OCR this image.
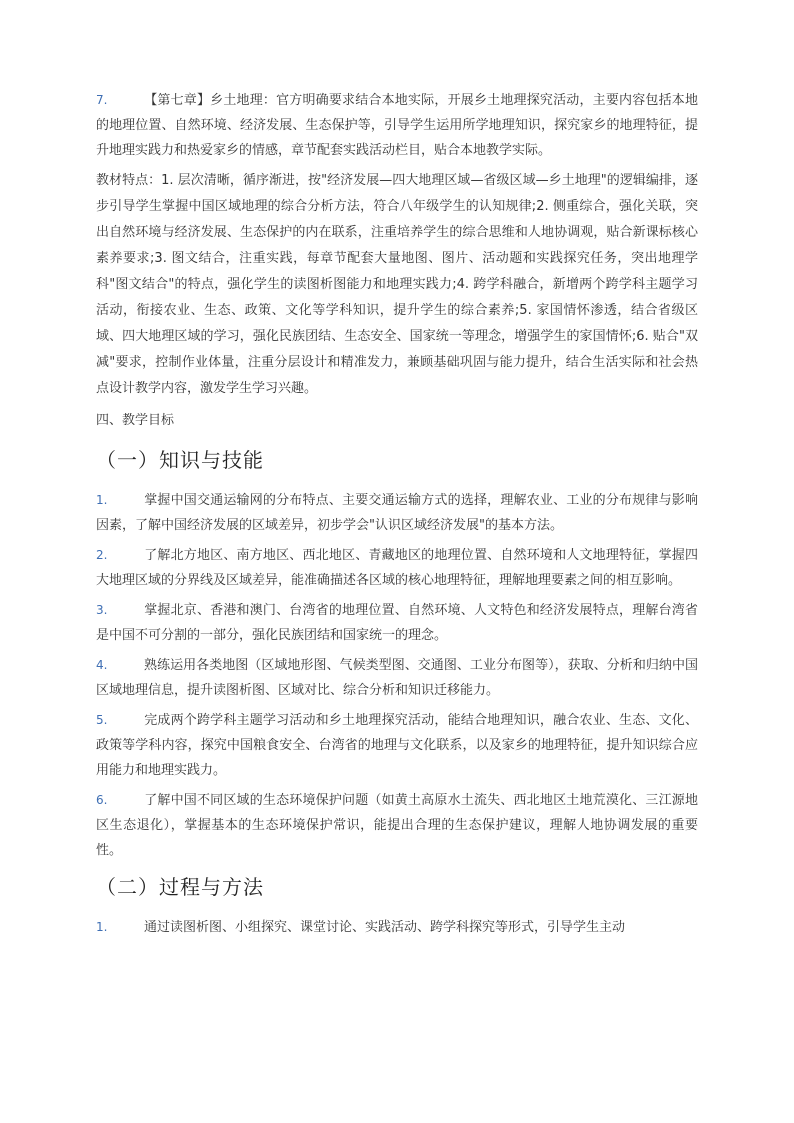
7.	【第七章】乡土地理：官方明确要求结合本地实际，开展乡土地理探究活动，主要内容包括本地的地理位置、自然环境、经济发展、生态保护等，引导学生运用所学地理知识，探究家乡的地理特征，提升地理实践力和热爱家乡的情感，章节配套实践活动栏目，贴合本地教学实际。

教材特点：1. 层次清晰，循序渐进，按"经济发展—四大地理区域—省级区域—乡土地理"的逻辑编排，逐步引导学生掌握中国区域地理的综合分析方法，符合八年级学生的认知规律;2. 侧重综合，强化关联，突出自然环境与经济发展、生态保护的内在联系，注重培养学生的综合思维和人地协调观，贴合新课标核心素养要求;3. 图文结合，注重实践，每章节配套大量地图、图片、活动题和实践探究任务，突出地理学科"图文结合"的特点，强化学生的读图析图能力和地理实践力;4. 跨学科融合，新增两个跨学科主题学习活动，衔接农业、生态、政策、文化等学科知识，提升学生的综合素养;5. 家国情怀渗透，结合省级区域、四大地理区域的学习，强化民族团结、生态安全、国家统一等理念，增强学生的家国情怀;6. 贴合"双减"要求，控制作业体量，注重分层设计和精准发力，兼顾基础巩固与能力提升，结合生活实际和社会热点设计教学内容，激发学生学习兴趣。

四、教学目标

（一）知识与技能

1.	掌握中国交通运输网的分布特点、主要交通运输方式的选择，理解农业、工业的分布规律与影响因素，了解中国经济发展的区域差异，初步学会"认识区域经济发展"的基本方法。

2.	了解北方地区、南方地区、西北地区、青藏地区的地理位置、自然环境和人文地理特征，掌握四大地理区域的分界线及区域差异，能准确描述各区域的核心地理特征，理解地理要素之间的相互影响。

3.	掌握北京、香港和澳门、台湾省的地理位置、自然环境、人文特色和经济发展特点，理解台湾省是中国不可分割的一部分，强化民族团结和国家统一的理念。

4.	熟练运用各类地图（区域地形图、气候类型图、交通图、工业分布图等），获取、分析和归纳中国区域地理信息，提升读图析图、区域对比、综合分析和知识迁移能力。

5.	完成两个跨学科主题学习活动和乡土地理探究活动，能结合地理知识，融合农业、生态、文化、政策等学科内容，探究中国粮食安全、台湾省的地理与文化联系，以及家乡的地理特征，提升知识综合应用能力和地理实践力。

6.	了解中国不同区域的生态环境保护问题（如黄土高原水土流失、西北地区土地荒漠化、三江源地区生态退化），掌握基本的生态环境保护常识，能提出合理的生态保护建议，理解人地协调发展的重要性。

（二）过程与方法

1.	通过读图析图、小组探究、课堂讨论、实践活动、跨学科探究等形式，引导学生主动
